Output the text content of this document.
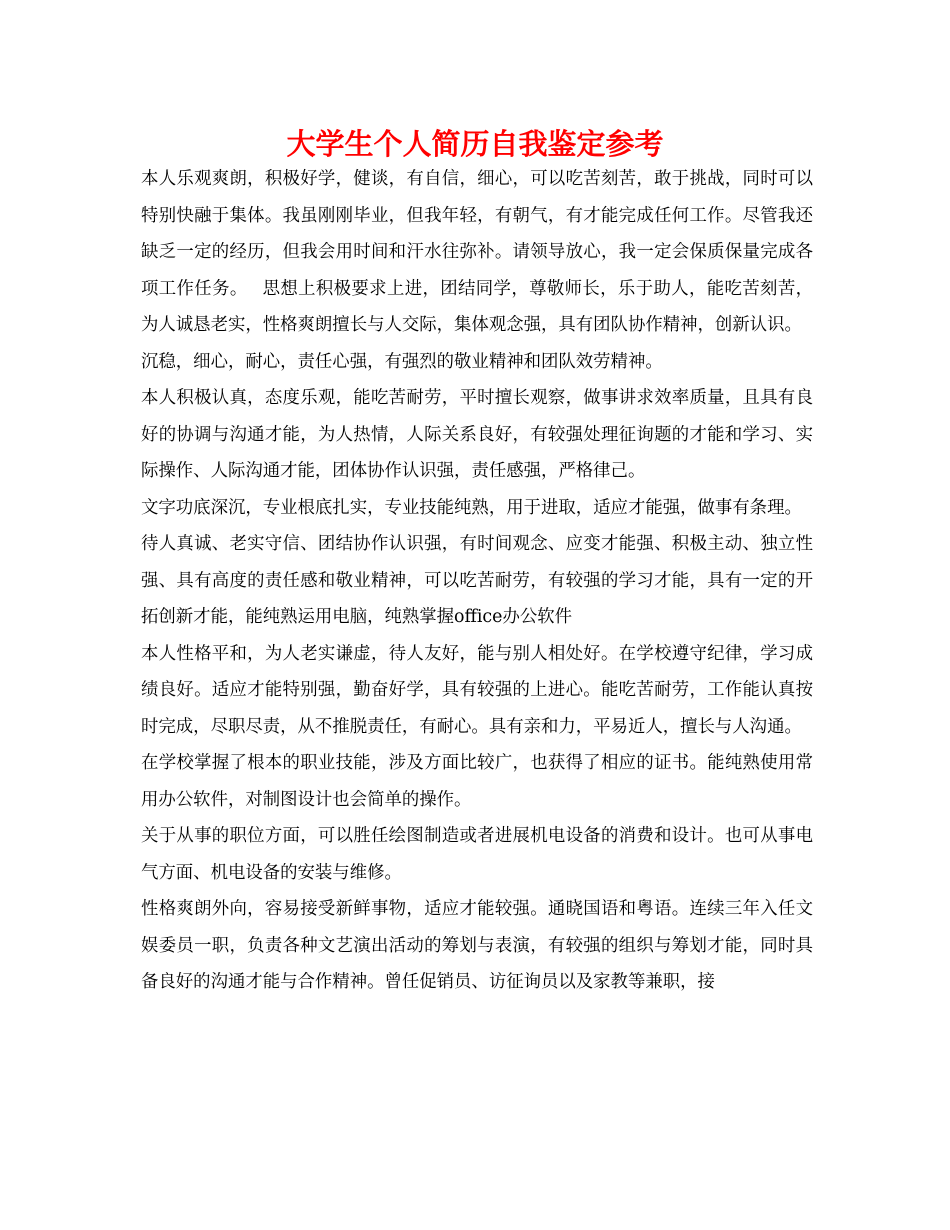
大学生个人简历自我鉴定参考

本人乐观爽朗，积极好学，健谈，有自信，细心，可以吃苦刻苦，敢于挑战，同时可以特别快融于集体。我虽刚刚毕业，但我年轻，有朝气，有才能完成任何工作。尽管我还缺乏一定的经历，但我会用时间和汗水往弥补。请领导放心，我一定会保质保量完成各项工作任务。　 思想上积极要求上进，团结同学，尊敬师长，乐于助人，能吃苦刻苦，为人诚恳老实，性格爽朗擅长与人交际，集体观念强，具有团队协作精神，创新认识。

沉稳，细心，耐心，责任心强，有强烈的敬业精神和团队效劳精神。

本人积极认真，态度乐观，能吃苦耐劳，平时擅长观察，做事讲求效率质量，且具有良好的协调与沟通才能，为人热情，人际关系良好，有较强处理征询题的才能和学习、实际操作、人际沟通才能，团体协作认识强，责任感强，严格律己。

文字功底深沉，专业根底扎实，专业技能纯熟，用于进取，适应才能强，做事有条理。

待人真诚、老实守信、团结协作认识强，有时间观念、应变才能强、积极主动、独立性强、具有高度的责任感和敬业精神，可以吃苦耐劳，有较强的学习才能，具有一定的开拓创新才能，能纯熟运用电脑，纯熟掌握office办公软件

本人性格平和，为人老实谦虚，待人友好，能与别人相处好。在学校遵守纪律，学习成绩良好。适应才能特别强，勤奋好学，具有较强的上进心。能吃苦耐劳，工作能认真按时完成，尽职尽责，从不推脱责任，有耐心。具有亲和力，平易近人，擅长与人沟通。

在学校掌握了根本的职业技能，涉及方面比较广，也获得了相应的证书。能纯熟使用常用办公软件，对制图设计也会简单的操作。

关于从事的职位方面，可以胜任绘图制造或者进展机电设备的消费和设计。也可从事电气方面、机电设备的安装与维修。

性格爽朗外向，容易接受新鲜事物，适应才能较强。通晓国语和粤语。连续三年入任文娱委员一职，负责各种文艺演出活动的筹划与表演，有较强的组织与筹划才能，同时具备良好的沟通才能与合作精神。曾任促销员、访征询员以及家教等兼职，接
